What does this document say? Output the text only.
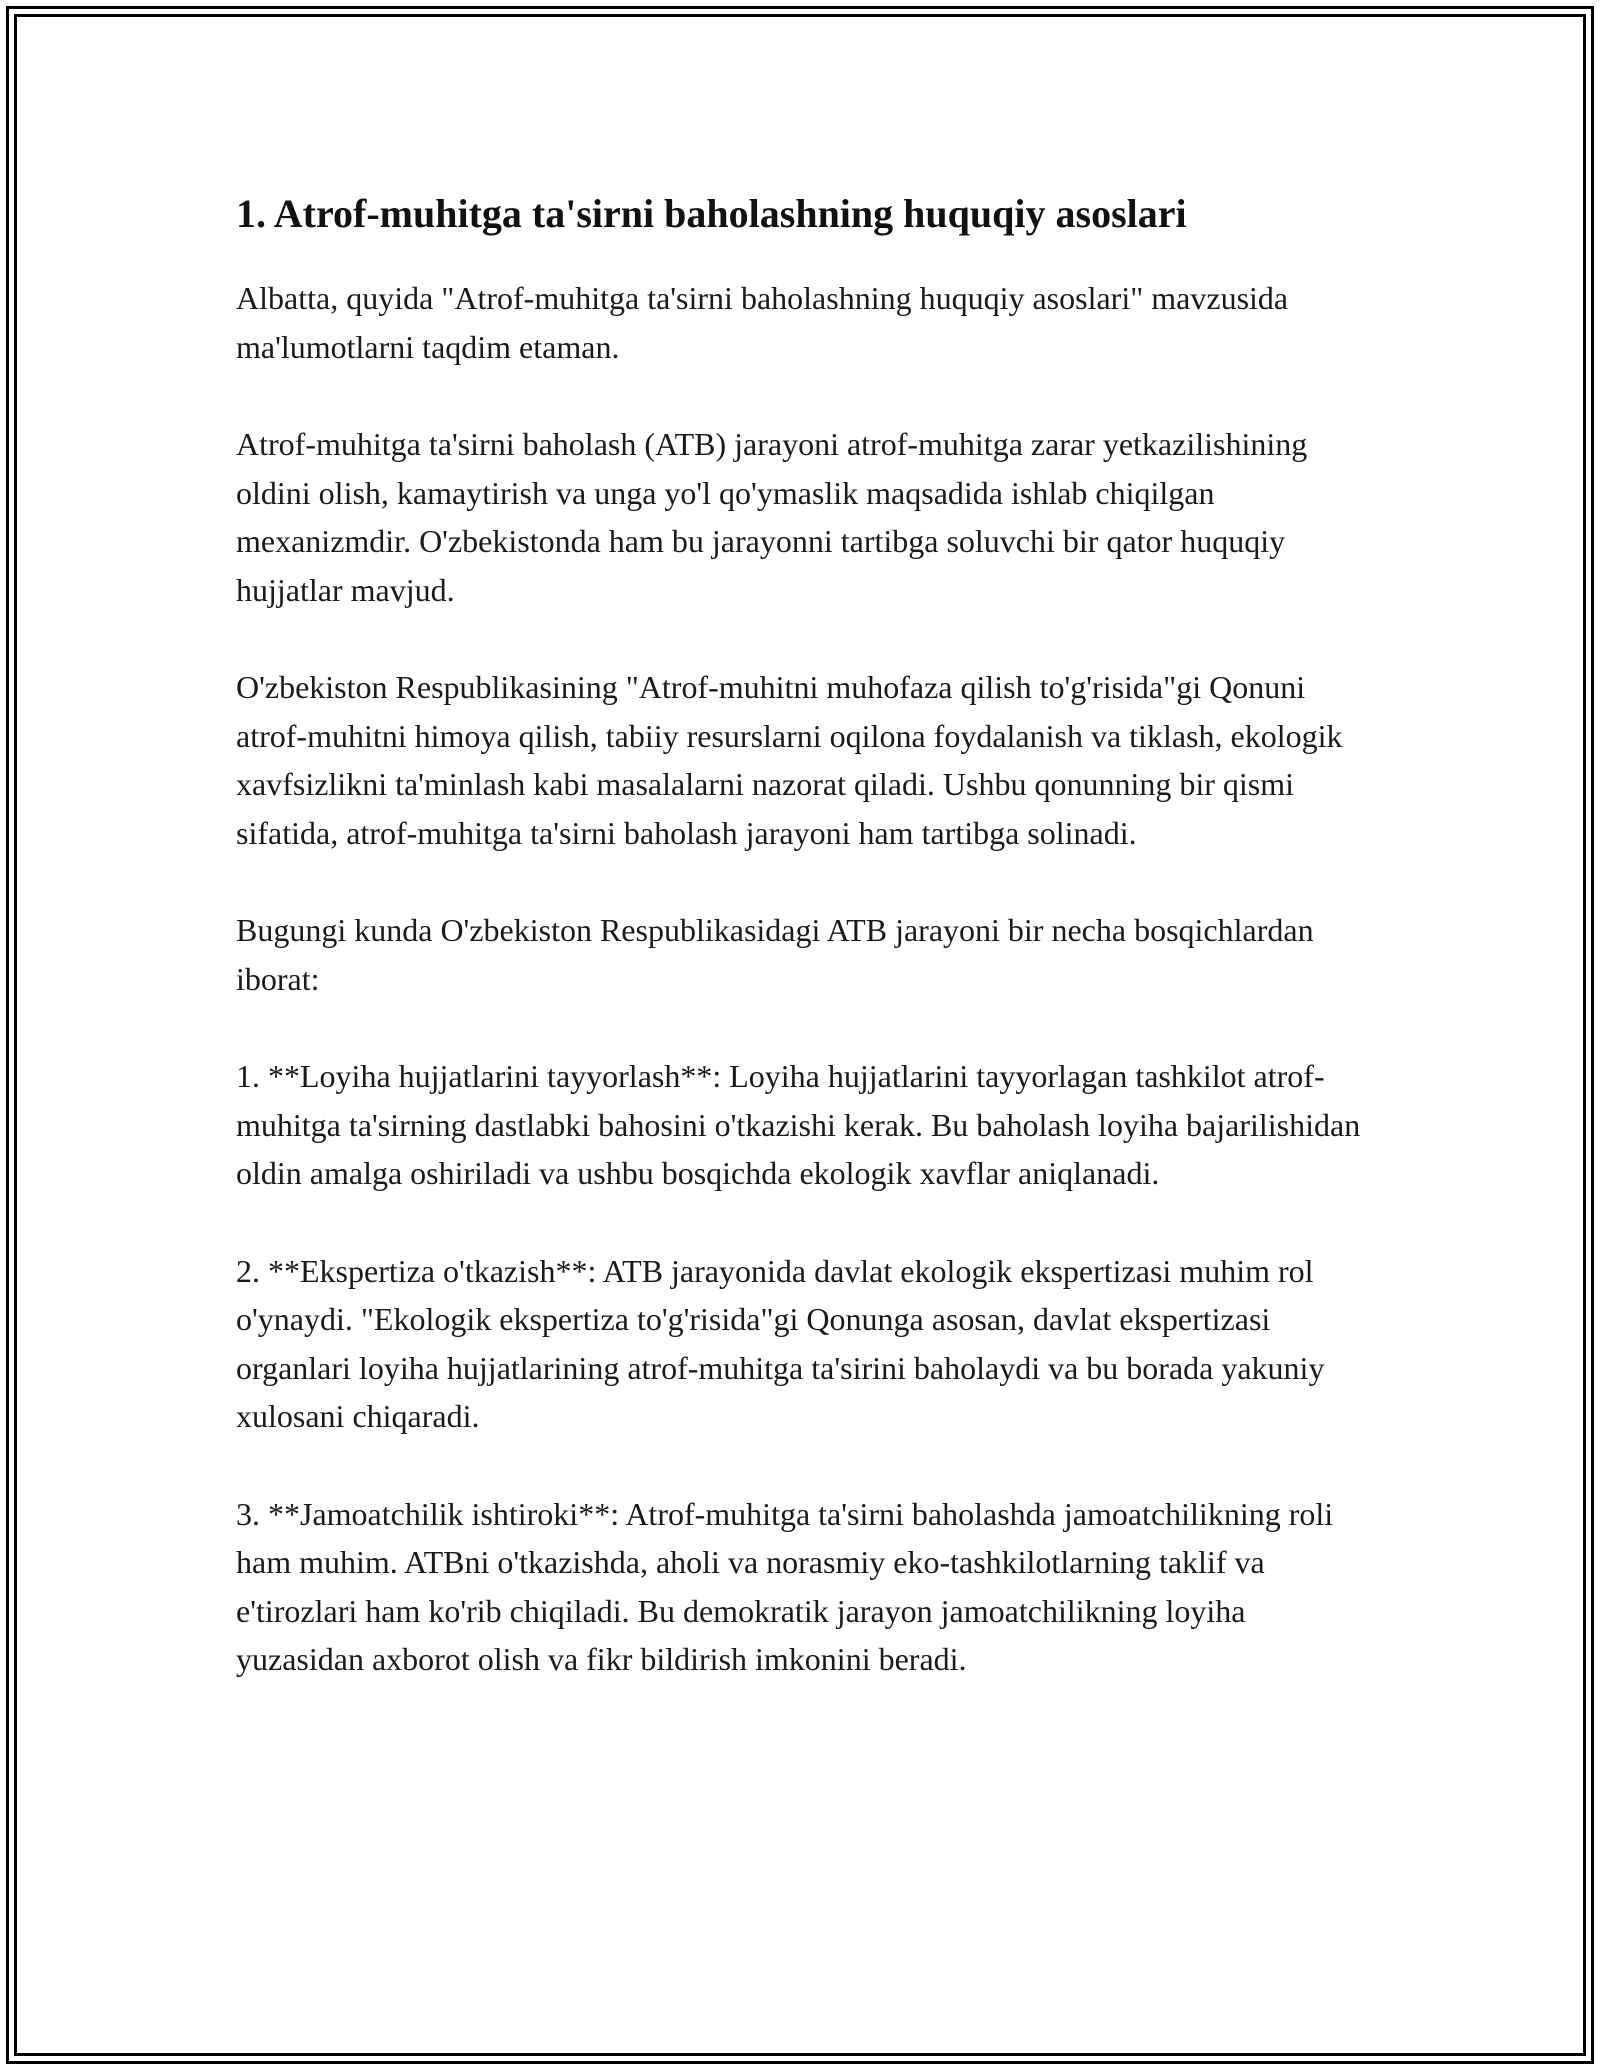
1. Atrof-muhitga ta'sirni baholashning huquqiy asoslari

Albatta, quyida "Atrof-muhitga ta'sirni baholashning huquqiy asoslari" mavzusida ma'lumotlarni taqdim etaman.

Atrof-muhitga ta'sirni baholash (ATB) jarayoni atrof-muhitga zarar yetkazilishining oldini olish, kamaytirish va unga yo'l qo'ymaslik maqsadida ishlab chiqilgan mexanizmdir. O'zbekistonda ham bu jarayonni tartibga soluvchi bir qator huquqiy hujjatlar mavjud.

O'zbekiston Respublikasining "Atrof-muhitni muhofaza qilish to'g'risida"gi Qonuni atrof-muhitni himoya qilish, tabiiy resurslarni oqilona foydalanish va tiklash, ekologik xavfsizlikni ta'minlash kabi masalalarni nazorat qiladi. Ushbu qonunning bir qismi sifatida, atrof-muhitga ta'sirni baholash jarayoni ham tartibga solinadi.

Bugungi kunda O'zbekiston Respublikasidagi ATB jarayoni bir necha bosqichlardan iborat:

1. **Loyiha hujjatlarini tayyorlash**: Loyiha hujjatlarini tayyorlagan tashkilot atrof-muhitga ta'sirning dastlabki bahosini o'tkazishi kerak. Bu baholash loyiha bajarilishidan oldin amalga oshiriladi va ushbu bosqichda ekologik xavflar aniqlanadi.

2. **Ekspertiza o'tkazish**: ATB jarayonida davlat ekologik ekspertizasi muhim rol o'ynaydi. "Ekologik ekspertiza to'g'risida"gi Qonunga asosan, davlat ekspertizasi organlari loyiha hujjatlarining atrof-muhitga ta'sirini baholaydi va bu borada yakuniy xulosani chiqaradi.

3. **Jamoatchilik ishtiroki**: Atrof-muhitga ta'sirni baholashda jamoatchilikning roli ham muhim. ATBni o'tkazishda, aholi va norasmiy eko-tashkilotlarning taklif va e'tirozlari ham ko'rib chiqiladi. Bu demokratik jarayon jamoatchilikning loyiha yuzasidan axborot olish va fikr bildirish imkonini beradi.
